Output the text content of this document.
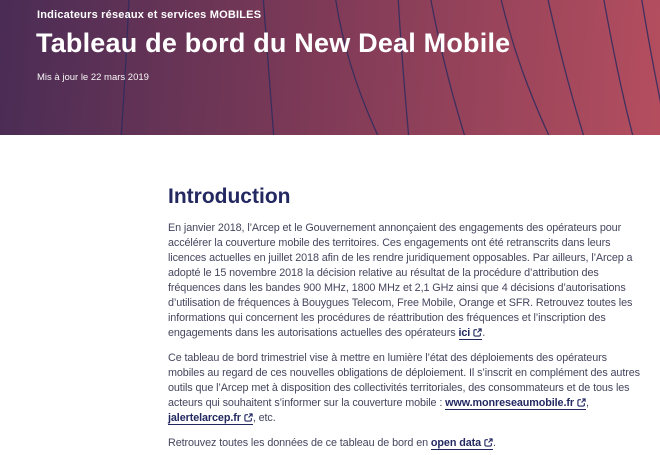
Indicateurs réseaux et services MOBILES
Tableau de bord du New Deal Mobile
Mis à jour le 22 mars 2019
Introduction

En janvier 2018, l’Arcep et le Gouvernement annonçaient des engagements des opérateurs pour accélérer la couverture mobile des territoires. Ces engagements ont été retranscrits dans leurs licences actuelles en juillet 2018 afin de les rendre juridiquement opposables. Par ailleurs, l’Arcep a adopté le 15 novembre 2018 la décision relative au résultat de la procédure d’attribution des fréquences dans les bandes 900 MHz, 1800 MHz et 2,1 GHz ainsi que 4 décisions d’autorisations d’utilisation de fréquences à Bouygues Telecom, Free Mobile, Orange et SFR. Retrouvez toutes les informations qui concernent les procédures de réattribution des fréquences et l’inscription des engagements dans les autorisations actuelles des opérateurs ici .

Ce tableau de bord trimestriel vise à mettre en lumière l’état des déploiements des opérateurs mobiles au regard de ces nouvelles obligations de déploiement. Il s’inscrit en complément des autres outils que l’Arcep met à disposition des collectivités territoriales, des consommateurs et de tous les acteurs qui souhaitent s’informer sur la couverture mobile : www.monreseaumobile.fr , jalertelarcep.fr , etc.

Retrouvez toutes les données de ce tableau de bord en open data .
